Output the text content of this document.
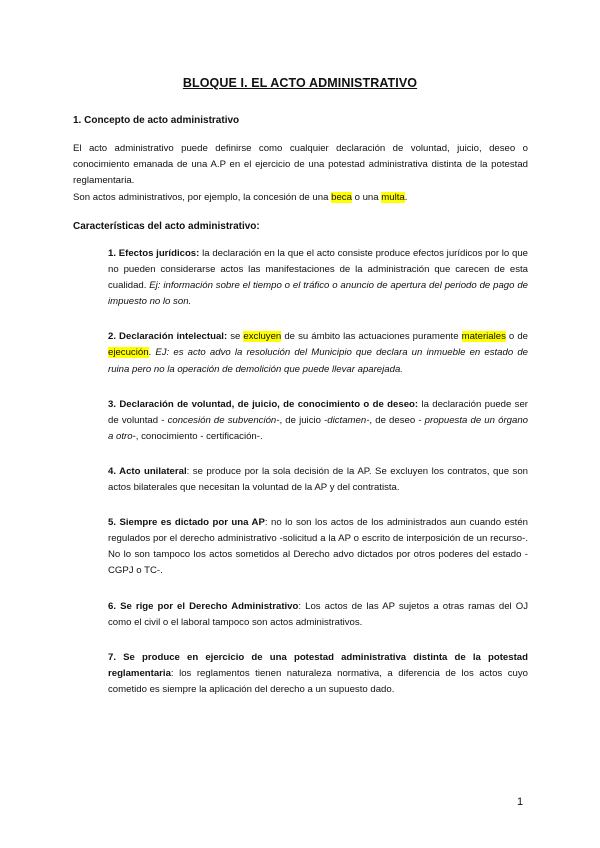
BLOQUE I. EL ACTO ADMINISTRATIVO
1. Concepto de acto administrativo
El acto administrativo puede definirse como cualquier declaración de voluntad, juicio, deseo o conocimiento emanada de una A.P en el ejercicio de una potestad administrativa distinta de la potestad reglamentaria.
Son actos administrativos, por ejemplo, la concesión de una beca o una multa.
Características del acto administrativo:

1. Efectos jurídicos: la declaración en la que el acto consiste produce efectos jurídicos por lo que no pueden considerarse actos las manifestaciones de la administración que carecen de esta cualidad. Ej: información sobre el tiempo o el tráfico o anuncio de apertura del periodo de pago de impuesto no lo son.

2. Declaración intelectual: se excluyen de su ámbito las actuaciones puramente materiales o de ejecución. EJ: es acto advo la resolución del Municipio que declara un inmueble en estado de ruina pero no la operación de demolición que puede llevar aparejada.

3. Declaración de voluntad, de juicio, de conocimiento o de deseo: la declaración puede ser de voluntad - concesión de subvención-, de juicio -dictamen-, de deseo - propuesta de un órgano a otro-, conocimiento - certificación-.

4. Acto unilateral: se produce por la sola decisión de la AP. Se excluyen los contratos, que son actos bilaterales que necesitan la voluntad de la AP y del contratista.

5. Siempre es dictado por una AP: no lo son los actos de los administrados aun cuando estén regulados por el derecho administrativo -solicitud a la AP o escrito de interposición de un recurso-. No lo son tampoco los actos sometidos al Derecho advo dictados por otros poderes del estado - CGPJ o TC-.

6. Se rige por el Derecho Administrativo: Los actos de las AP sujetos a otras ramas del OJ como el civil o el laboral tampoco son actos administrativos.

7. Se produce en ejercicio de una potestad administrativa distinta de la potestad reglamentaria: los reglamentos tienen naturaleza normativa, a diferencia de los actos cuyo cometido es siempre la aplicación del derecho a un supuesto dado.

1
